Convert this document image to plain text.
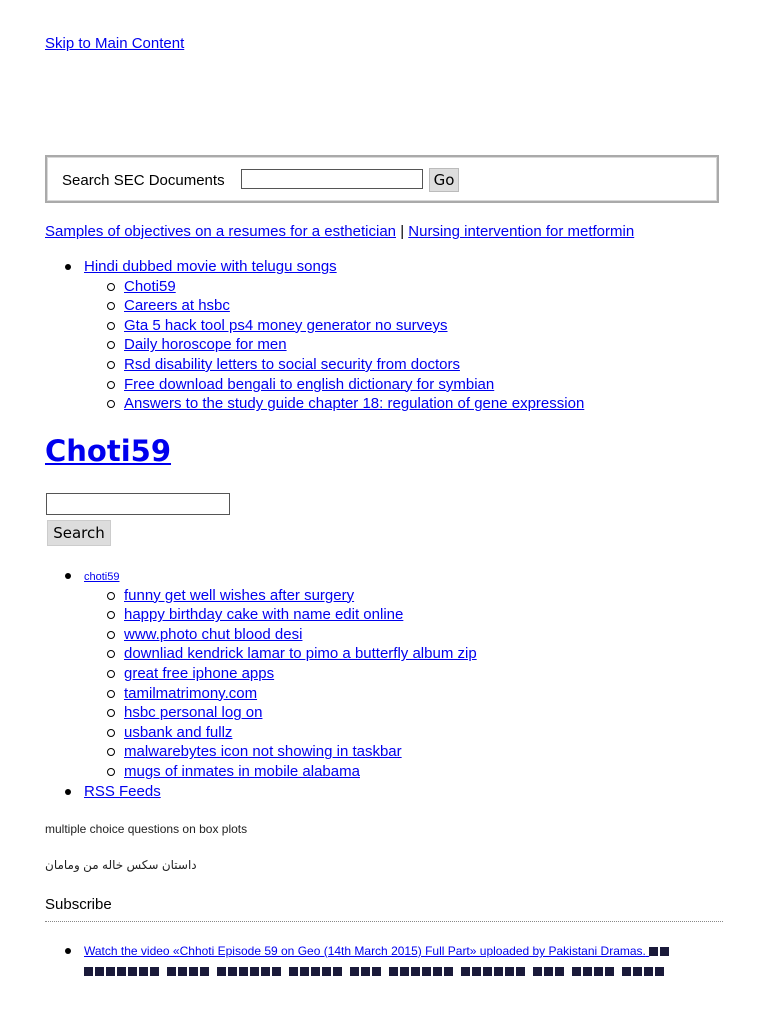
Skip to Main Content
Search SEC Documents	Go
Samples of objectives on a resumes for a esthetician | Nursing intervention for metformin
Hindi dubbed movie with telugu songs
Choti59
Careers at hsbc
Gta 5 hack tool ps4 money generator no surveys
Daily horoscope for men
Rsd disability letters to social security from doctors
Free download bengali to english dictionary for symbian
Answers to the study guide chapter 18: regulation of gene expression
Choti59
Search
choti59
funny get well wishes after surgery
happy birthday cake with name edit online
www.photo chut blood desi
downliad kendrick lamar to pimo a butterfly album zip
great free iphone apps
tamilmatrimony.com
hsbc personal log on
usbank and fullz
malwarebytes icon not showing in taskbar
mugs of inmates in mobile alabama
RSS Feeds
multiple choice questions on box plots
داستان سکس خاله من ومامان
Subscribe
Watch the video «Chhoti Episode 59 on Geo (14th March 2015) Full Part» uploaded by Pakistani Dramas.
